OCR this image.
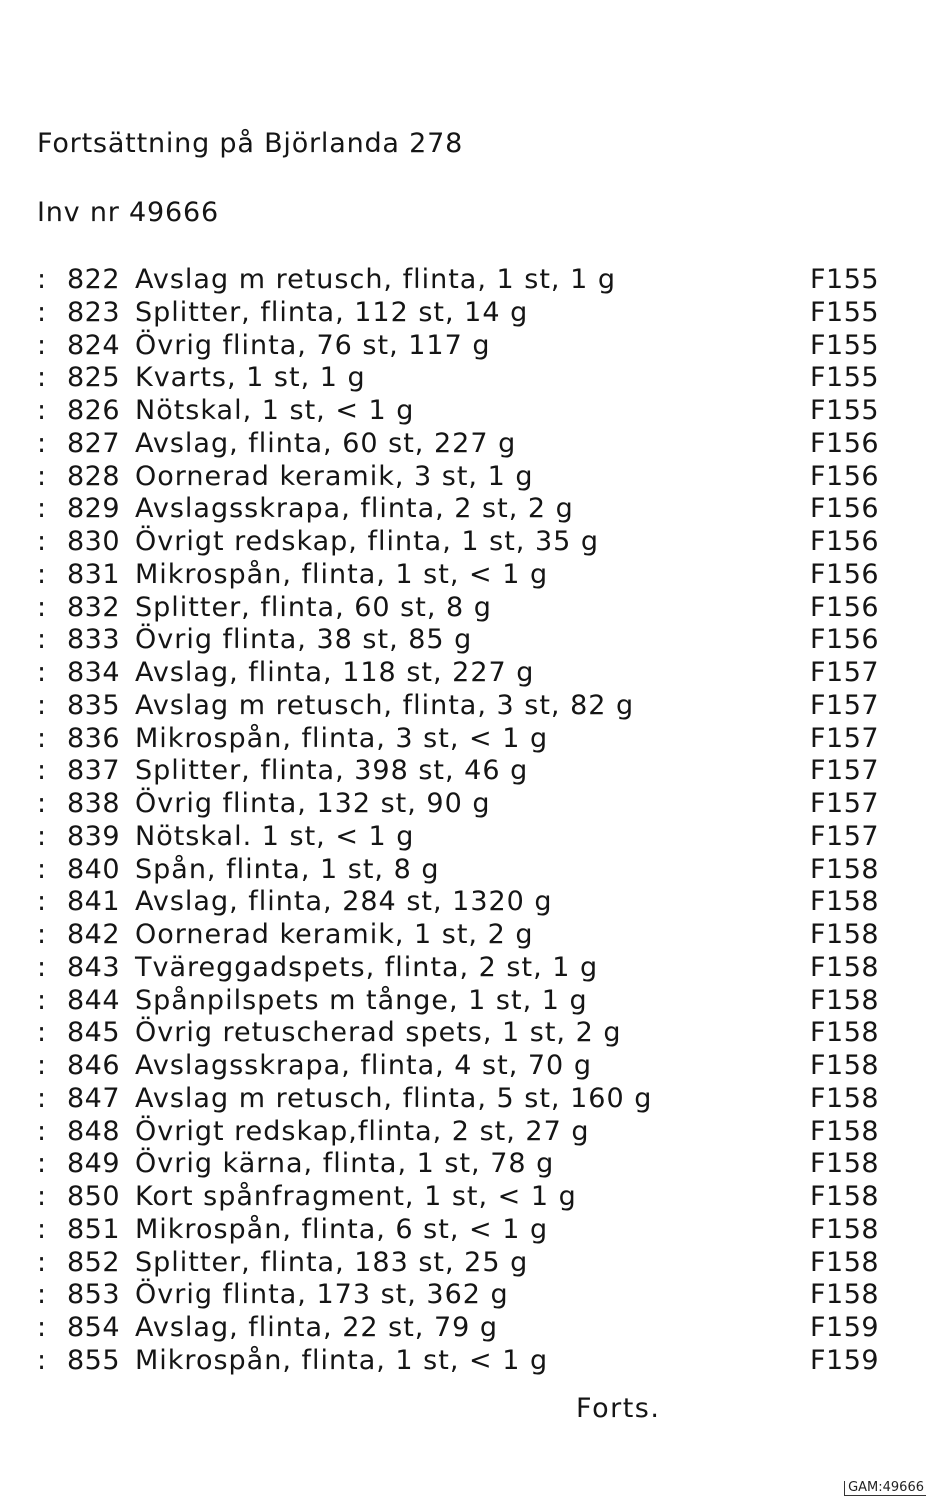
Fortsättning på Björlanda 278
Inv nr 49666
: 822 Avslag m retusch, flinta, 1 st, 1 g	F155
: 823 Splitter, flinta, 112 st, 14 g	F155
: 824 Övrig flinta, 76 st, 117 g	F155
: 825 Kvarts, 1 st, 1 g	F155
: 826 Nötskal, 1 st, < 1 g	F155
: 827 Avslag, flinta, 60 st, 227 g	F156
: 828 Oornerad keramik, 3 st, 1 g	F156
: 829 Avslagsskrapa, flinta, 2 st, 2 g	F156
: 830 Övrigt redskap, flinta, 1 st, 35 g	F156
: 831 Mikrospån, flinta, 1 st, < 1 g	F156
: 832 Splitter, flinta, 60 st, 8 g	F156
: 833 Övrig flinta, 38 st, 85 g	F156
: 834 Avslag, flinta, 118 st, 227 g	F157
: 835 Avslag m retusch, flinta, 3 st, 82 g	F157
: 836 Mikrospån, flinta, 3 st, < 1 g	F157
: 837 Splitter, flinta, 398 st, 46 g	F157
: 838 Övrig flinta, 132 st, 90 g	F157
: 839 Nötskal. 1 st, < 1 g	F157
: 840 Spån, flinta, 1 st, 8 g	F158
: 841 Avslag, flinta, 284 st, 1320 g	F158
: 842 Oornerad keramik, 1 st, 2 g	F158
: 843 Tväreggadspets, flinta, 2 st, 1 g	F158
: 844 Spånpilspets m tånge, 1 st, 1 g	F158
: 845 Övrig retuscherad spets, 1 st, 2 g	F158
: 846 Avslagsskrapa, flinta, 4 st, 70 g	F158
: 847 Avslag m retusch, flinta, 5 st, 160 g	F158
: 848 Övrigt redskap,flinta, 2 st, 27 g	F158
: 849 Övrig kärna, flinta, 1 st, 78 g	F158
: 850 Kort spånfragment, 1 st, < 1 g	F158
: 851 Mikrospån, flinta, 6 st, < 1 g	F158
: 852 Splitter, flinta, 183 st, 25 g	F158
: 853 Övrig flinta, 173 st, 362 g	F158
: 854 Avslag, flinta, 22 st, 79 g	F159
: 855 Mikrospån, flinta, 1 st, < 1 g	F159
Forts.
GAM:49666
